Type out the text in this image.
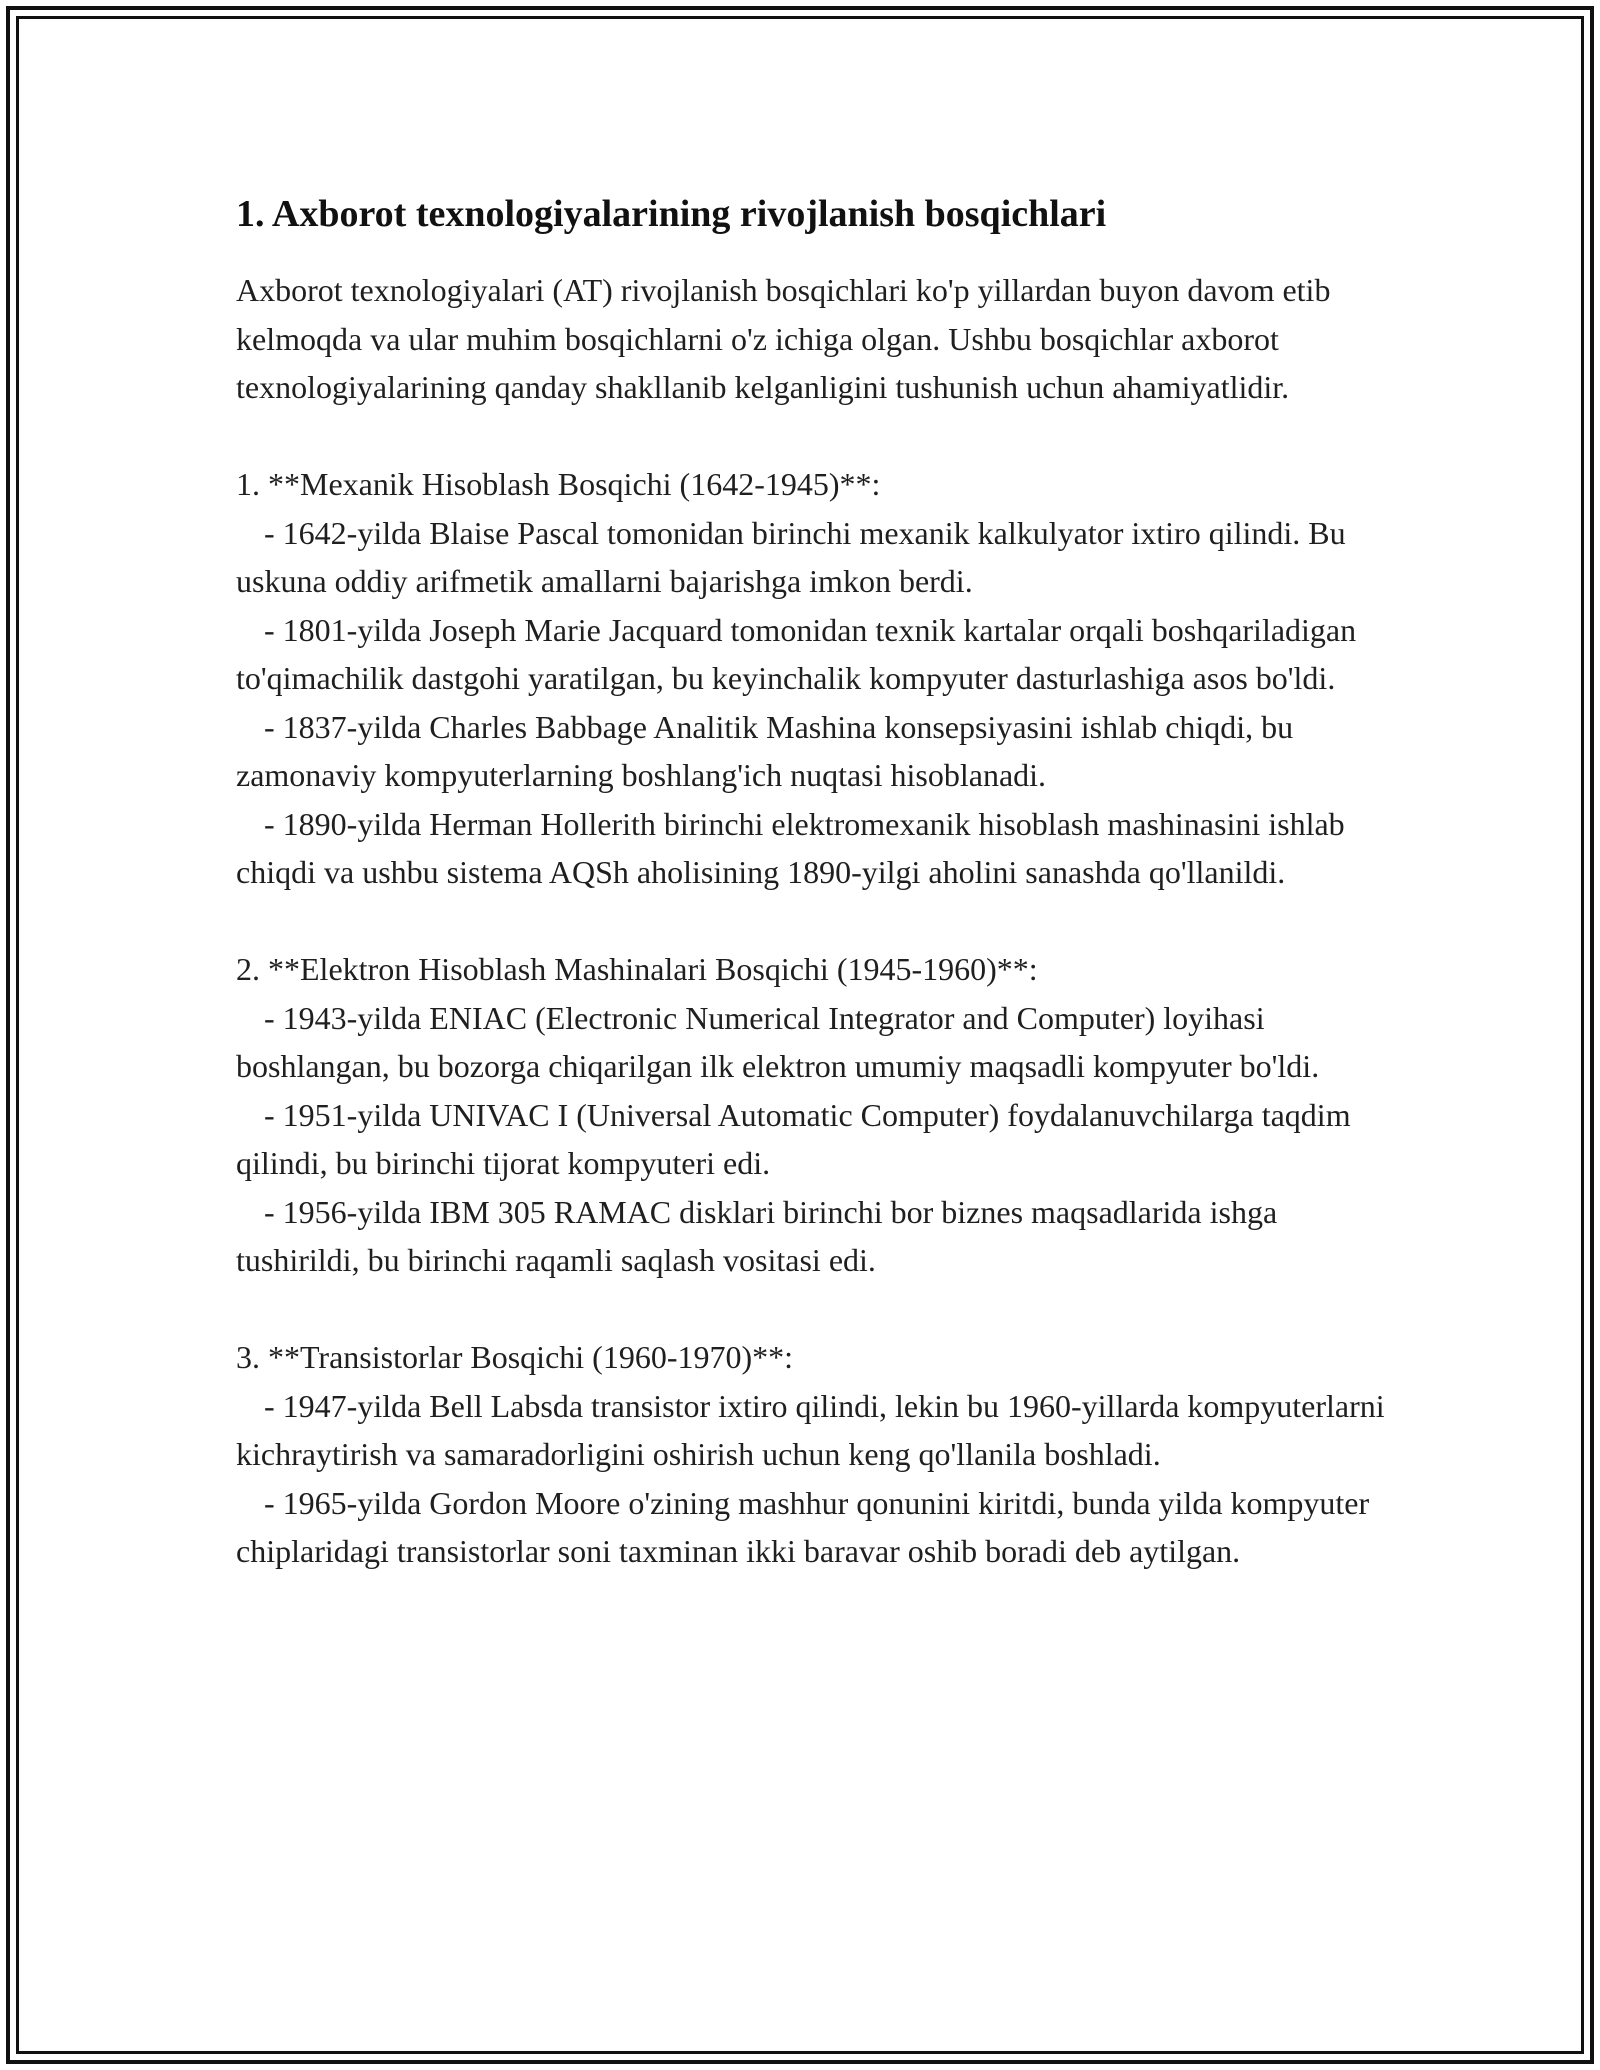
1. Axborot texnologiyalarining rivojlanish bosqichlari

Axborot texnologiyalari (AT) rivojlanish bosqichlari ko'p yillardan buyon davom etib kelmoqda va ular muhim bosqichlarni o'z ichiga olgan. Ushbu bosqichlar axborot texnologiyalarining qanday shakllanib kelganligini tushunish uchun ahamiyatlidir.

1. **Mexanik Hisoblash Bosqichi (1642-1945)**:

- 1642-yilda Blaise Pascal tomonidan birinchi mexanik kalkulyator ixtiro qilindi. Bu uskuna oddiy arifmetik amallarni bajarishga imkon berdi.

- 1801-yilda Joseph Marie Jacquard tomonidan texnik kartalar orqali boshqariladigan to'qimachilik dastgohi yaratilgan, bu keyinchalik kompyuter dasturlashiga asos bo'ldi.

- 1837-yilda Charles Babbage Analitik Mashina konsepsiyasini ishlab chiqdi, bu zamonaviy kompyuterlarning boshlang'ich nuqtasi hisoblanadi.

- 1890-yilda Herman Hollerith birinchi elektromexanik hisoblash mashinasini ishlab chiqdi va ushbu sistema AQSh aholisining 1890-yilgi aholini sanashda qo'llanildi.

2. **Elektron Hisoblash Mashinalari Bosqichi (1945-1960)**:

- 1943-yilda ENIAC (Electronic Numerical Integrator and Computer) loyihasi boshlangan, bu bozorga chiqarilgan ilk elektron umumiy maqsadli kompyuter bo'ldi.

- 1951-yilda UNIVAC I (Universal Automatic Computer) foydalanuvchilarga taqdim qilindi, bu birinchi tijorat kompyuteri edi.

- 1956-yilda IBM 305 RAMAC disklari birinchi bor biznes maqsadlarida ishga tushirildi, bu birinchi raqamli saqlash vositasi edi.

3. **Transistorlar Bosqichi (1960-1970)**:

- 1947-yilda Bell Labsda transistor ixtiro qilindi, lekin bu 1960-yillarda kompyuterlarni kichraytirish va samaradorligini oshirish uchun keng qo'llanila boshladi.

- 1965-yilda Gordon Moore o'zining mashhur qonunini kiritdi, bunda yilda kompyuter chiplaridagi transistorlar soni taxminan ikki baravar oshib boradi deb aytilgan.
